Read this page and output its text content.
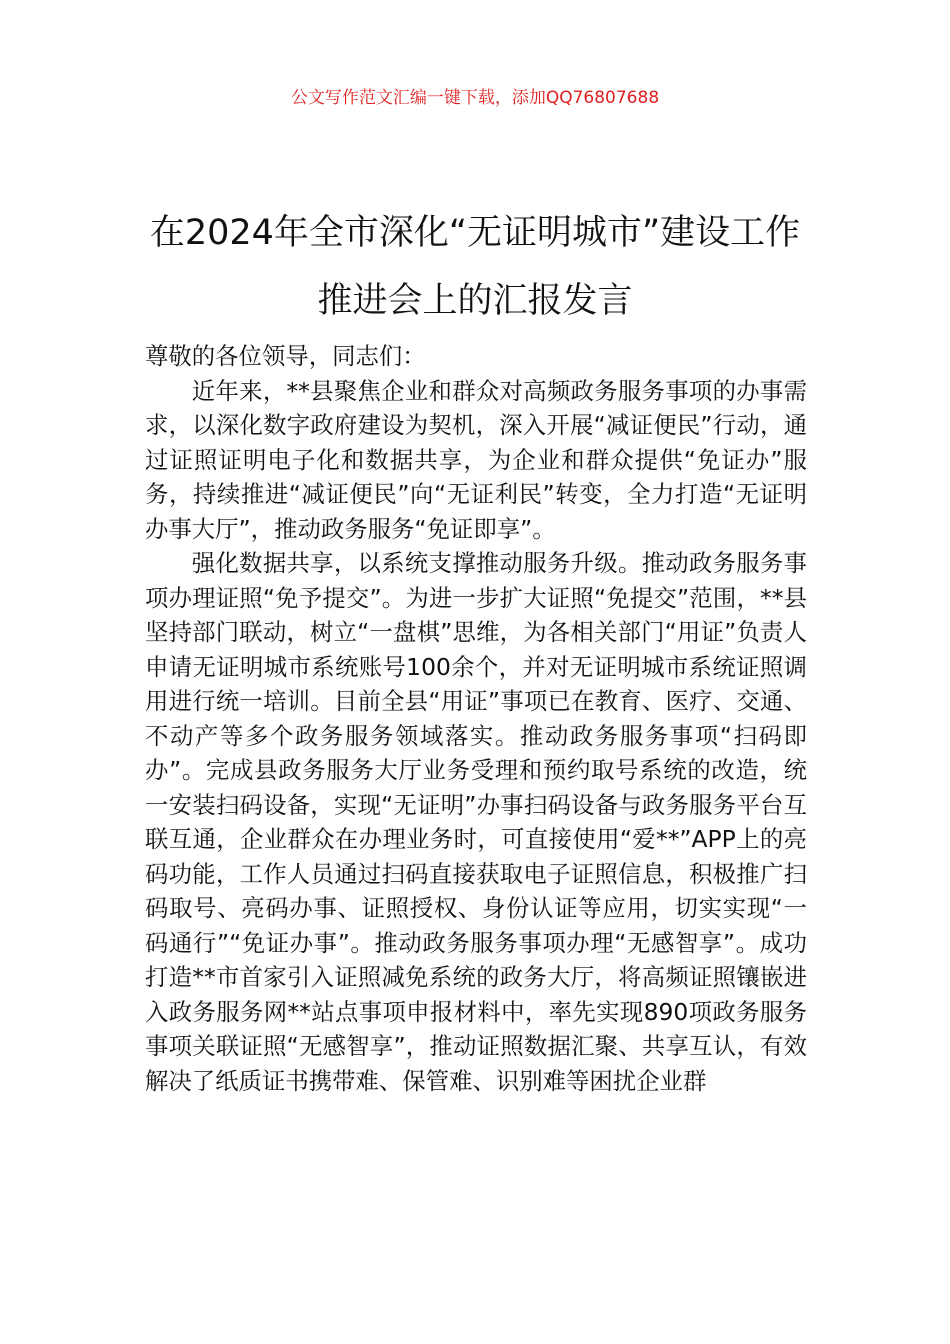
公文写作范文汇编一键下载，添加QQ76807688
在2024年全市深化“无证明城市”建设工作推进会上的汇报发言

尊敬的各位领导，同志们：

近年来，**县聚焦企业和群众对高频政务服务事项的办事需求，以深化数字政府建设为契机，深入开展“减证便民”行动，通过证照证明电子化和数据共享，为企业和群众提供“免证办”服务，持续推进“减证便民”向“无证利民”转变，全力打造“无证明办事大厅”，推动政务服务“免证即享”。

强化数据共享，以系统支撑推动服务升级。推动政务服务事项办理证照“免予提交”。为进一步扩大证照“免提交”范围，**县坚持部门联动，树立“一盘棋”思维，为各相关部门“用证”负责人申请无证明城市系统账号100余个，并对无证明城市系统证照调用进行统一培训。目前全县“用证”事项已在教育、医疗、交通、不动产等多个政务服务领域落实。推动政务服务事项“扫码即办”。完成县政务服务大厅业务受理和预约取号系统的改造，统一安装扫码设备，实现“无证明”办事扫码设备与政务服务平台互联互通，企业群众在办理业务时，可直接使用“爱**”APP上的亮码功能，工作人员通过扫码直接获取电子证照信息，积极推广扫码取号、亮码办事、证照授权、身份认证等应用，切实实现“一码通行”“免证办事”。推动政务服务事项办理“无感智享”。成功打造**市首家引入证照减免系统的政务大厅，将高频证照镶嵌进入政务服务网**站点事项申报材料中，率先实现890项政务服务事项关联证照“无感智享”，推动证照数据汇聚、共享互认，有效解决了纸质证书携带难、保管难、识别难等困扰企业群
